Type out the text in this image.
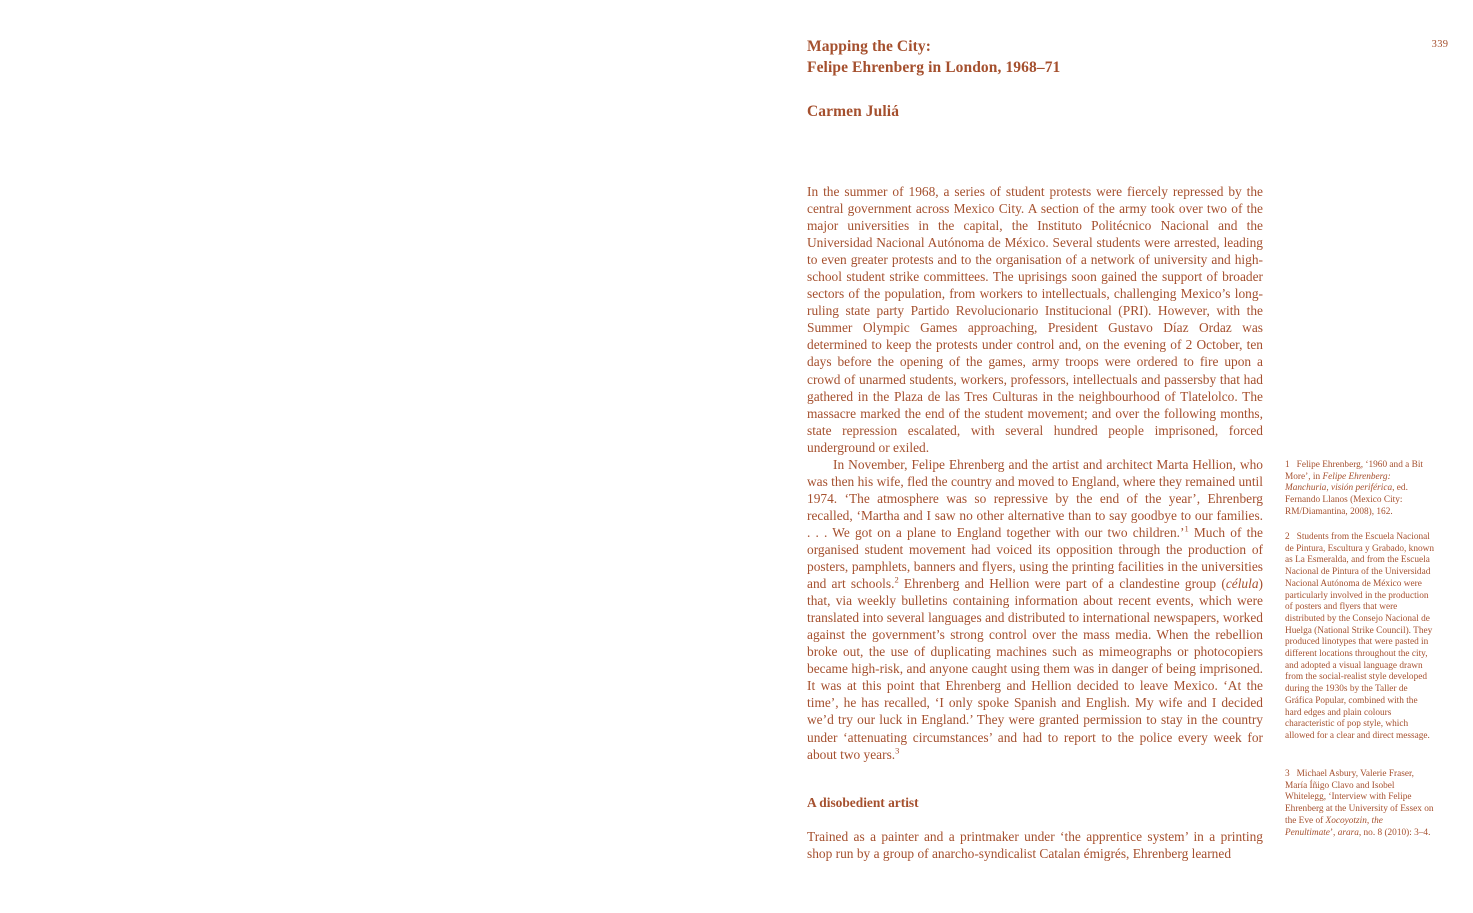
339
Mapping the City:
Felipe Ehrenberg in London, 1968–71
Carmen Juliá

In the summer of 1968, a series of student protests were fiercely repressed by the central government across Mexico City. A section of the army took over two of the major universities in the capital, the Instituto Politécnico Nacional and the Universidad Nacional Autónoma de México. Several students were arrested, leading to even greater protests and to the organisation of a network of university and high-school student strike committees. The uprisings soon gained the support of broader sectors of the population, from workers to intellectuals, challenging Mexico’s long-ruling state party Partido Revolucionario Institucional (PRI). However, with the Summer Olympic Games approaching, President Gustavo Díaz Ordaz was determined to keep the protests under control and, on the evening of 2 October, ten days before the opening of the games, army troops were ordered to fire upon a crowd of unarmed students, workers, professors, intellectuals and passersby that had gathered in the Plaza de las Tres Culturas in the neighbourhood of Tlatelolco. The massacre marked the end of the student movement; and over the following months, state repression escalated, with several hundred people imprisoned, forced underground or exiled.

In November, Felipe Ehrenberg and the artist and architect Marta Hellion, who was then his wife, fled the country and moved to England, where they remained until 1974. ‘The atmosphere was so repressive by the end of the year’, Ehrenberg recalled, ‘Martha and I saw no other alternative than to say goodbye to our families. . . . We got on a plane to England together with our two children.’$^1$ Much of the organised student movement had voiced its opposition through the production of posters, pamphlets, banners and flyers, using the printing facilities in the universities and art schools.$^2$ Ehrenberg and Hellion were part of a clandestine group (célula) that, via weekly bulletins containing information about recent events, which were translated into several languages and distributed to international newspapers, worked against the government’s strong control over the mass media. When the rebellion broke out, the use of duplicating machines such as mimeographs or photocopiers became high-risk, and anyone caught using them was in danger of being imprisoned. It was at this point that Ehrenberg and Hellion decided to leave Mexico. ‘At the time’, he has recalled, ‘I only spoke Spanish and English. My wife and I decided we’d try our luck in England.’ They were granted permission to stay in the country under ‘attenuating circumstances’ and had to report to the police every week for about two years.$^3$

A disobedient artist

Trained as a painter and a printmaker under ‘the apprentice system’ in a printing shop run by a group of anarcho-syndicalist Catalan émigrés, Ehrenberg learned

1 Felipe Ehrenberg, ‘1960 and a Bit More’, in Felipe Ehrenberg: Manchuria, visión periférica, ed. Fernando Llanos (Mexico City: RM/Diamantina, 2008), 162.
2 Students from the Escuela Nacional de Pintura, Escultura y Grabado, known as La Esmeralda, and from the Escuela Nacional de Pintura of the Universidad Nacional Autónoma de México were particularly involved in the production of posters and flyers that were distributed by the Consejo Nacional de Huelga (National Strike Council). They produced linotypes that were pasted in different locations throughout the city, and adopted a visual language drawn from the social-realist style developed during the 1930s by the Taller de Gráfica Popular, combined with the hard edges and plain colours characteristic of pop style, which allowed for a clear and direct message.
3 Michael Asbury, Valerie Fraser, María Íñigo Clavo and Isobel Whitelegg, ‘Interview with Felipe Ehrenberg at the University of Essex on the Eve of Xocoyotzin, the Penultimate’, arara, no. 8 (2010): 3–4.
